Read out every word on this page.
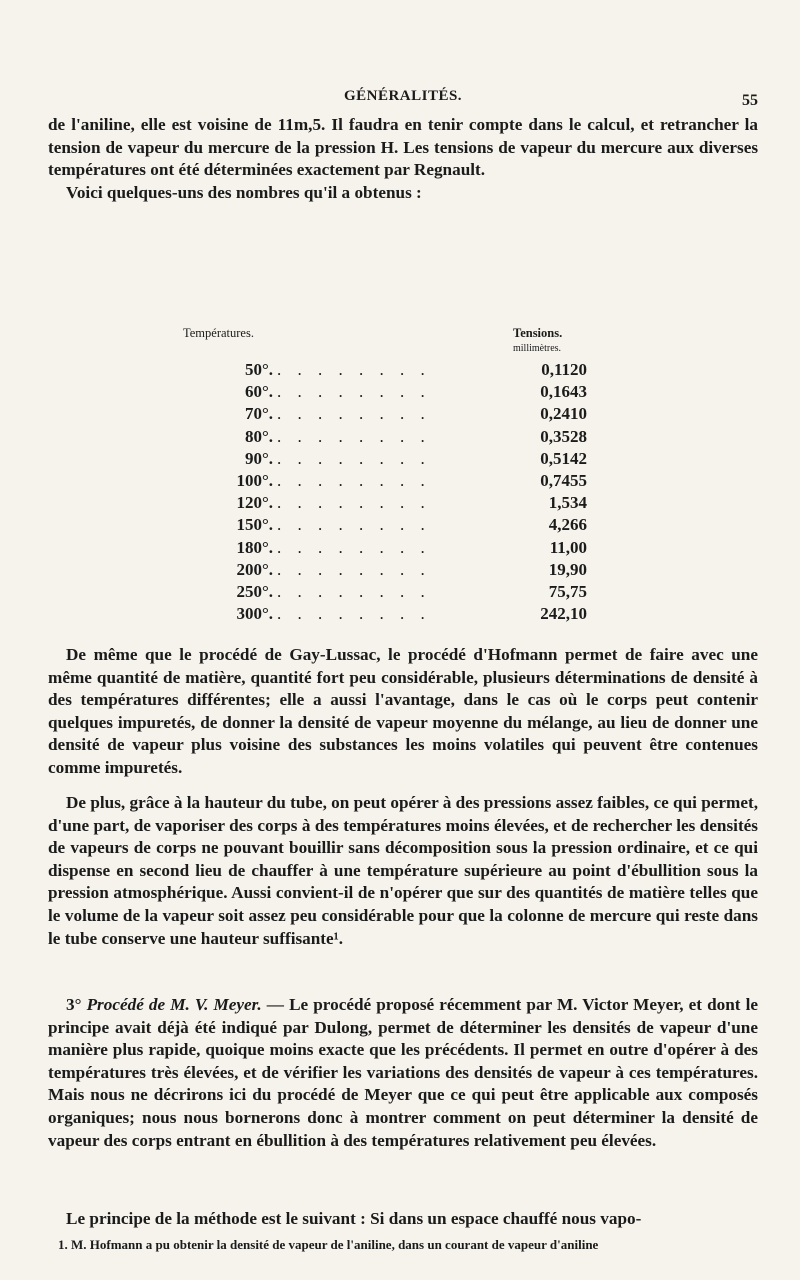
GÉNÉRALITÉS.	55

de l'aniline, elle est voisine de 11m,5. Il faudra en tenir compte dans le calcul, et retrancher la tension de vapeur du mercure de la pression H. Les tensions de vapeur du mercure aux diverses températures ont été déterminées exactement par Regnault.

Voici quelques-uns des nombres qu'il a obtenus :

Températures.	Tensions.
millimètres.
50°. . . . . . . . .	0,1120
60°. . . . . . . . .	0,1643
70°. . . . . . . . .	0,2410
80°. . . . . . . . .	0,3528
90°. . . . . . . . .	0,5142
100°. . . . . . . . .	0,7455
120°. . . . . . . . .	1,534
150°. . . . . . . . .	4,266
180°. . . . . . . . .	11,00
200°. . . . . . . . .	19,90
250°. . . . . . . . .	75,75
300°. . . . . . . . .	242,10

De même que le procédé de Gay-Lussac, le procédé d'Hofmann permet de faire avec une même quantité de matière, quantité fort peu considérable, plusieurs déterminations de densité à des températures différentes; elle a aussi l'avantage, dans le cas où le corps peut contenir quelques impuretés, de donner la densité de vapeur moyenne du mélange, au lieu de donner une densité de vapeur plus voisine des substances les moins volatiles qui peuvent être contenues comme impuretés.

De plus, grâce à la hauteur du tube, on peut opérer à des pressions assez faibles, ce qui permet, d'une part, de vaporiser des corps à des températures moins élevées, et de rechercher les densités de vapeurs de corps ne pouvant bouillir sans décomposition sous la pression ordinaire, et ce qui dispense en second lieu de chauffer à une température supérieure au point d'ébullition sous la pression atmosphérique. Aussi convient-il de n'opérer que sur des quantités de matière telles que le volume de la vapeur soit assez peu considérable pour que la colonne de mercure qui reste dans le tube conserve une hauteur suffisante¹.

3° Procédé de M. V. Meyer. — Le procédé proposé récemment par M. Victor Meyer, et dont le principe avait déjà été indiqué par Dulong, permet de déterminer les densités de vapeur d'une manière plus rapide, quoique moins exacte que les précédents. Il permet en outre d'opérer à des températures très élevées, et de vérifier les variations des densités de vapeur à ces températures. Mais nous ne décrirons ici du procédé de Meyer que ce qui peut être applicable aux composés organiques; nous nous bornerons donc à montrer comment on peut déterminer la densité de vapeur des corps entrant en ébullition à des températures relativement peu élevées.

Le principe de la méthode est le suivant : Si dans un espace chauffé nous vapo-

1. M. Hofmann a pu obtenir la densité de vapeur de l'aniline, dans un courant de vapeur d'aniline
